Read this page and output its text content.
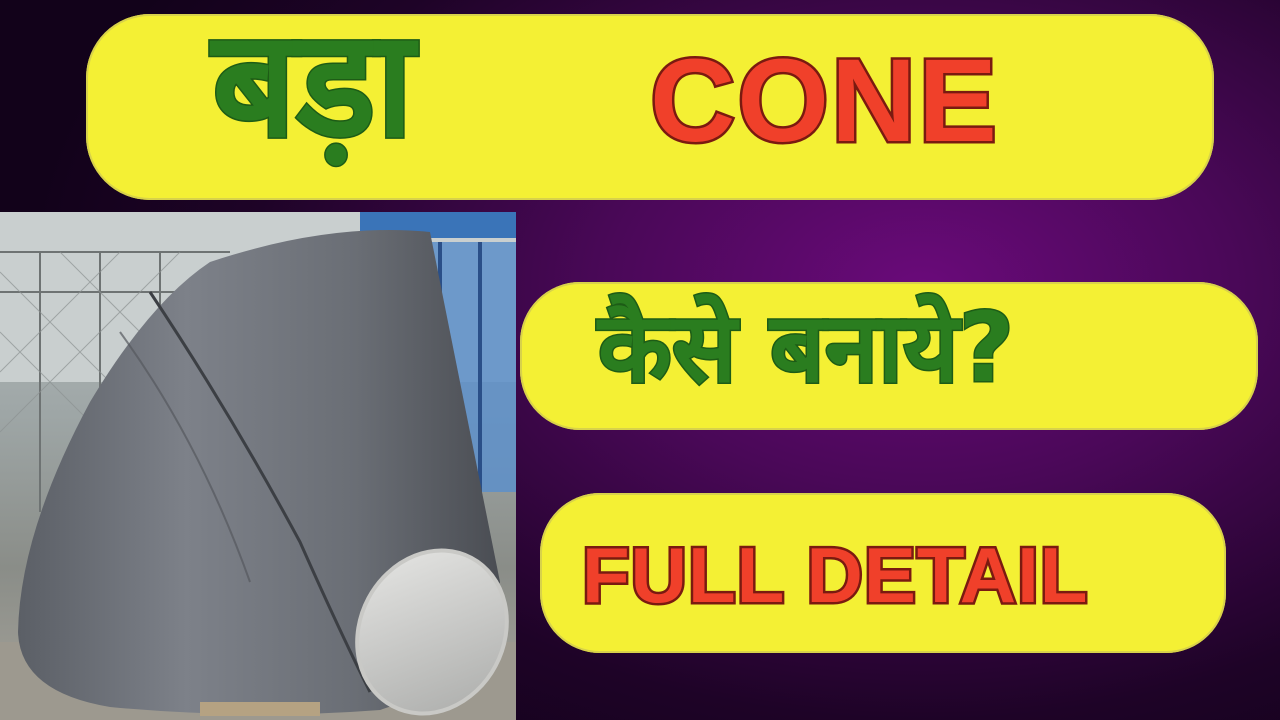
बड़ा CONE
कैसे बनाये?
FULL DETAIL
